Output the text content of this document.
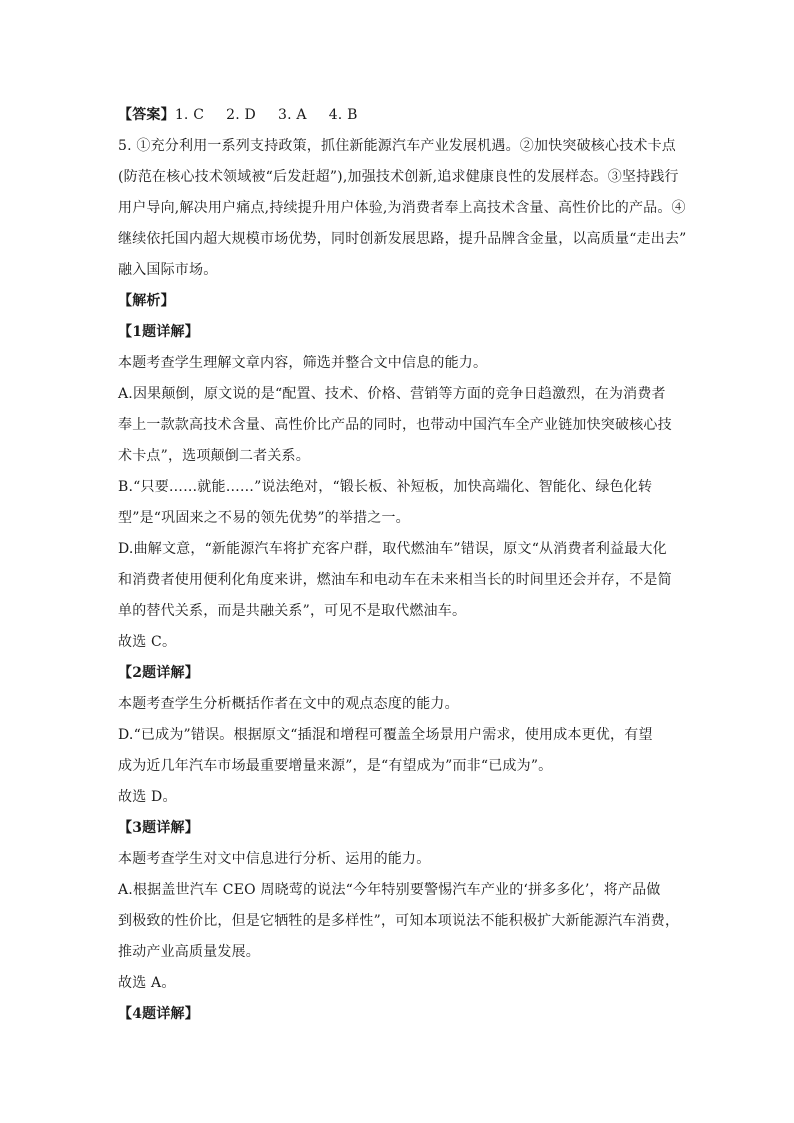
【答案】1. C 2. D 3. A 4. B
5. ①充分利用一系列支持政策，抓住新能源汽车产业发展机遇。②加快突破核心技术卡点
(防范在核心技术领域被“后发赶超”),加强技术创新,追求健康良性的发展样态。③坚持践行
用户导向,解决用户痛点,持续提升用户体验,为消费者奉上高技术含量、高性价比的产品。④
继续依托国内超大规模市场优势，同时创新发展思路，提升品牌含金量，以高质量“走出去”
融入国际市场。
【解析】
【1题详解】
本题考查学生理解文章内容，筛选并整合文中信息的能力。
A.因果颠倒，原文说的是“配置、技术、价格、营销等方面的竞争日趋激烈，在为消费者
奉上一款款高技术含量、高性价比产品的同时，也带动中国汽车全产业链加快突破核心技
术卡点”，选项颠倒二者关系。
B.“只要……就能……”说法绝对，“锻长板、补短板，加快高端化、智能化、绿色化转
型”是“巩固来之不易的领先优势”的举措之一。
D.曲解文意，“新能源汽车将扩充客户群，取代燃油车”错误，原文“从消费者利益最大化
和消费者使用便利化角度来讲，燃油车和电动车在未来相当长的时间里还会并存，不是简
单的替代关系，而是共融关系”，可见不是取代燃油车。
故选 C。
【2题详解】
本题考查学生分析概括作者在文中的观点态度的能力。
D.“已成为”错误。根据原文“插混和增程可覆盖全场景用户需求，使用成本更优，有望
成为近几年汽车市场最重要增量来源”，是“有望成为”而非“已成为”。
故选 D。
【3题详解】
本题考查学生对文中信息进行分析、运用的能力。
A.根据盖世汽车 CEO 周晓莺的说法“今年特别要警惕汽车产业的‘拼多多化’，将产品做
到极致的性价比，但是它牺牲的是多样性”，可知本项说法不能积极扩大新能源汽车消费，
推动产业高质量发展。
故选 A。
【4题详解】
